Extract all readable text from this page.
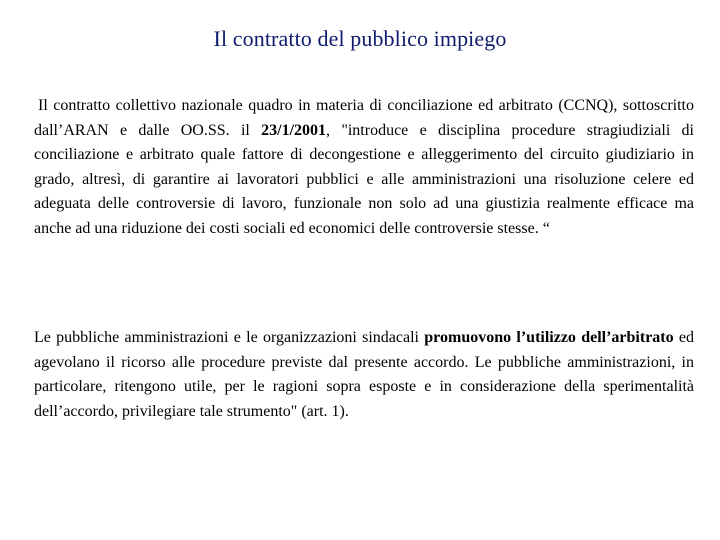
Il contratto del pubblico impiego

Il contratto collettivo nazionale quadro in materia di conciliazione ed arbitrato (CCNQ), sottoscritto dall’ARAN e dalle OO.SS. il 23/1/2001, "introduce e disciplina procedure stragiudiziali di conciliazione e arbitrato quale fattore di decongestione e alleggerimento del circuito giudiziario in grado, altresì, di garantire ai lavoratori pubblici e alle amministrazioni una risoluzione celere ed adeguata delle controversie di lavoro, funzionale non solo ad una giustizia realmente efficace ma anche ad una riduzione dei costi sociali ed economici delle controversie stesse. “

Le pubbliche amministrazioni e le organizzazioni sindacali promuovono l’utilizzo dell’arbitrato ed agevolano il ricorso alle procedure previste dal presente accordo. Le pubbliche amministrazioni, in particolare, ritengono utile, per le ragioni sopra esposte e in considerazione della sperimentalità dell’accordo, privilegiare tale strumento" (art. 1).
